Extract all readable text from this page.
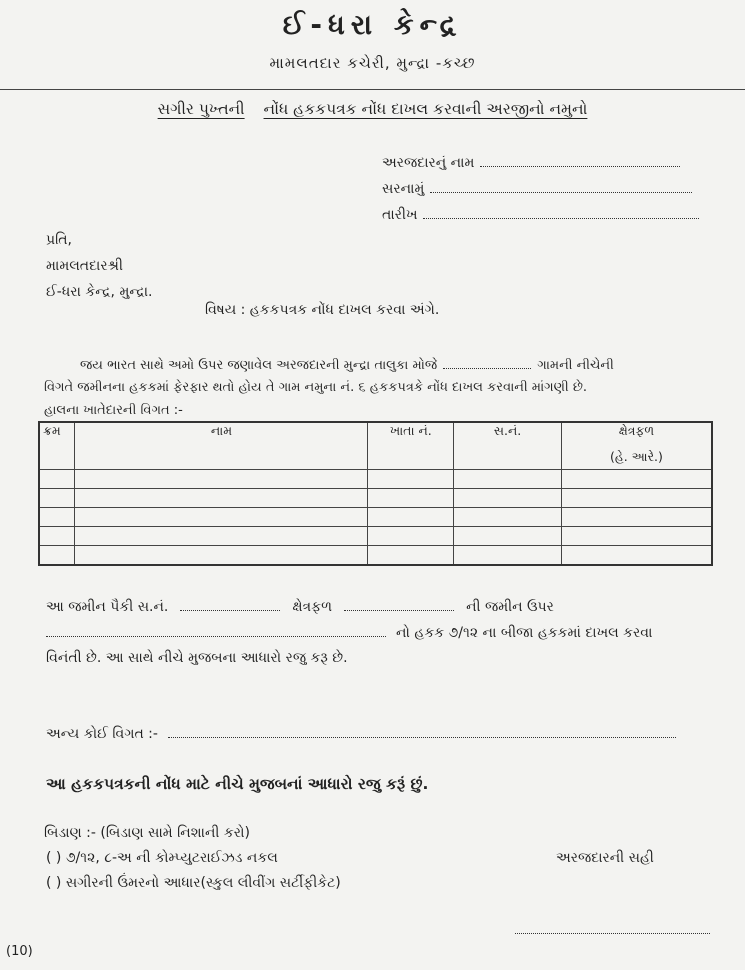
ઈ-ધરા કેન્દ્ર
મામલતદાર કચેરી, મુન્દ્રા -કચ્છ
સગીર પુખ્તની નોંધ હકકપત્રક નોંધ દાખલ કરવાની અરજીનો નમુનો
અરજદારનું નામ
સરનામું
તારીખ
પ્રતિ,
મામલતદારશ્રી
ઈ-ધરા કેન્દ્ર, મુન્દ્રા.
વિષય : હકકપત્રક નોંધ દાખલ કરવા અંગે.
જય ભારત સાથે અમો ઉપર જણાવેલ અરજદારની મુન્દ્રા તાલુકા મોજે	ગામની નીચેની
વિગતે જમીનના હકકમાં ફેરફાર થતો હોય તે ગામ નમુના નં. ૬ હકકપત્રકે નોંધ દાખલ કરવાની માંગણી છે.
હાલના ખાતેદારની વિગત :-
ક્રમ	નામ	ખાતા નં.	સ.નં.	ક્ષેત્રફળ
(હે. આરે.)

આ જમીન પૈકી સ.નં.	ક્ષેત્રફળ	ની જમીન ઉપર
નો હકક ૭/૧૨ ના બીજા હકકમાં દાખલ કરવા
વિનંતી છે. આ સાથે નીચે મુજબના આધારો રજુ કરૂ છે.
અન્ય કોઈ વિગત :-
આ હકકપત્રકની નોંધ માટે નીચે મુજબનાં આધારો રજુ કરૂં છું.
બિડાણ :- (બિડાણ સામે નિશાની કરો)
( ) ૭/૧૨, ૮-અ ની કોમ્પ્યુટરાઈઝડ નકલ
( ) સગીરની ઉંમરનો આધાર(સ્કુલ લીવીંગ સર્ટીફીકેટ)
અરજદારની સહી
(10)
